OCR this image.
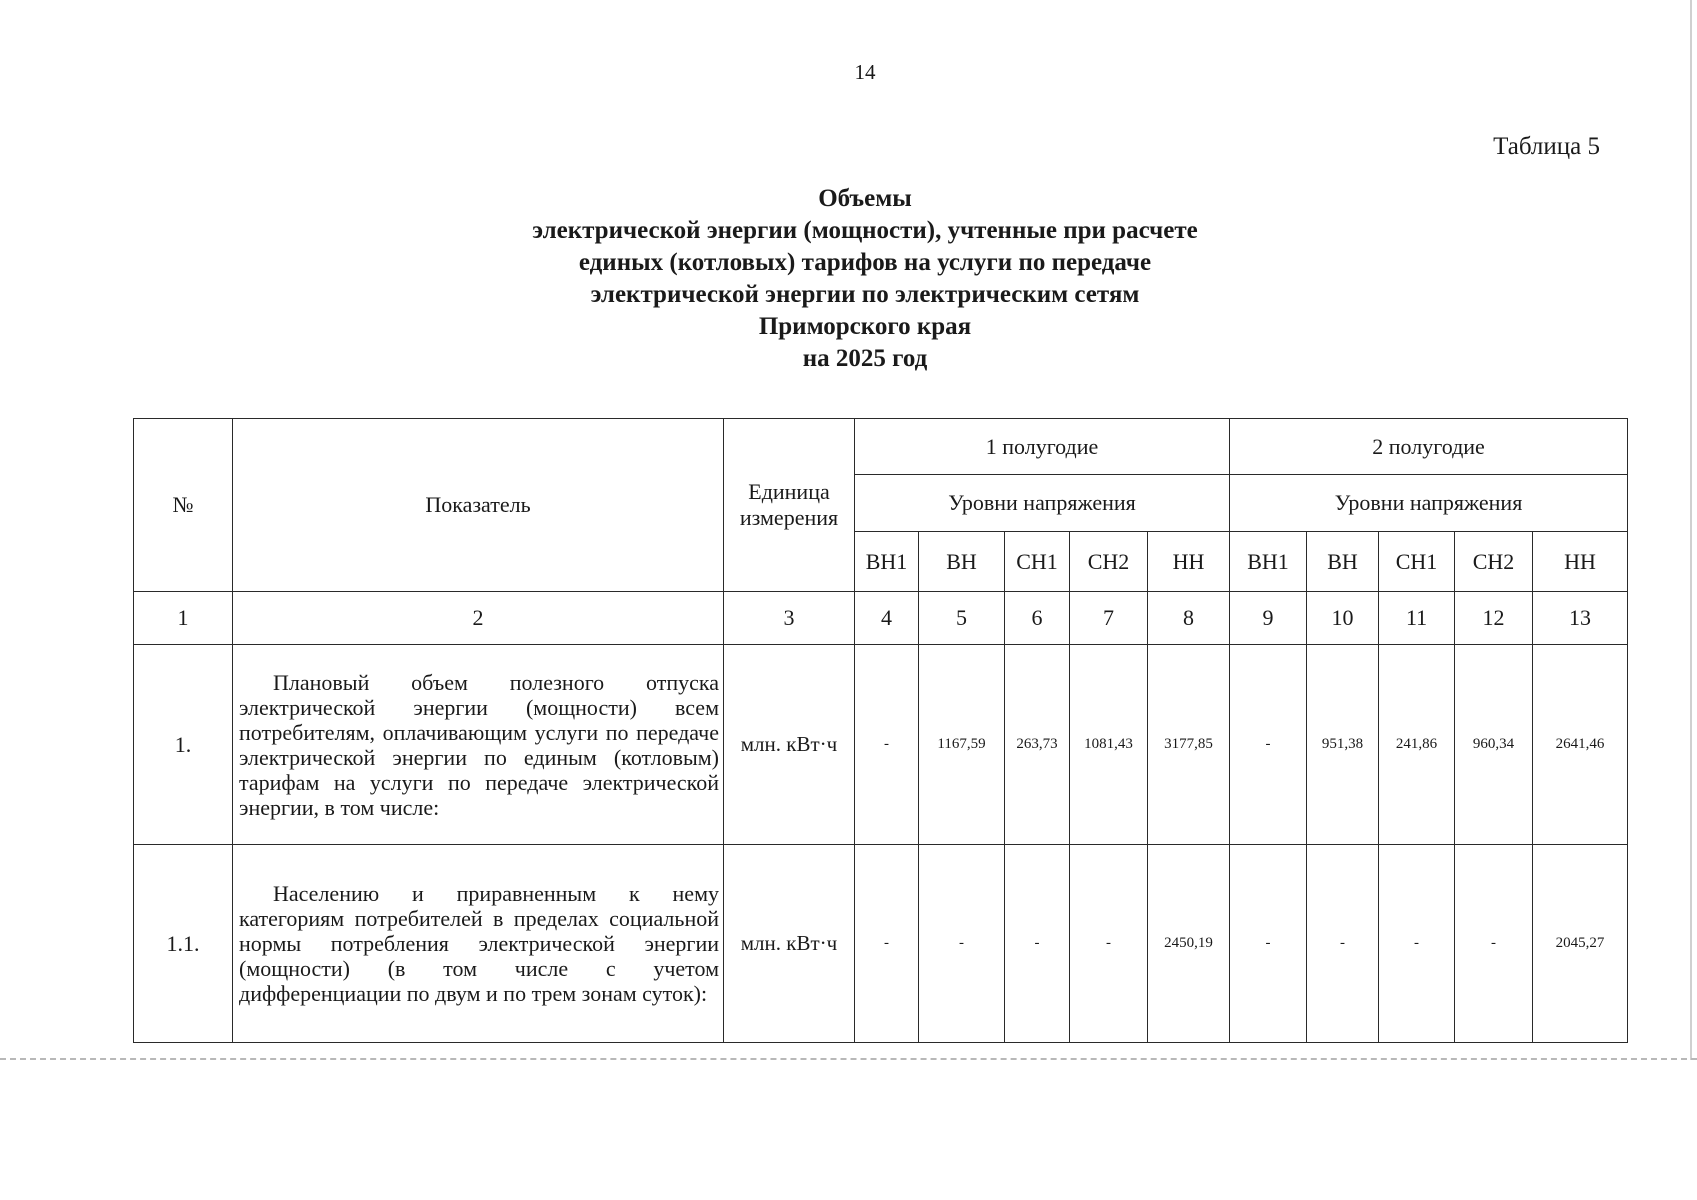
14
Таблица 5
Объемы
электрической энергии (мощности), учтенные при расчете
единых (котловых) тарифов на услуги по передаче
электрической энергии по электрическим сетям
Приморского края
на 2025 год
№	Показатель	Единица измерения	1 полугодие					2 полугодие				
			Уровни напряжения					Уровни напряжения				
			ВН1	ВН	СН1	СН2	НН	ВН1	ВН	СН1	СН2	НН
1	2	3	4	5	6	7	8	9	10	11	12	13
1.	Плановый объем полезного отпуска электрической энергии (мощности) всем потребителям, оплачивающим услуги по передаче электрической энергии по единым (котловым) тарифам на услуги по передаче электрической энергии, в том числе:	млн. кВт·ч	-	1167,59	263,73	1081,43	3177,85	-	951,38	241,86	960,34	2641,46
1.1.	Населению и приравненным к нему категориям потребителей в пределах социальной нормы потребления электрической энергии (мощности) (в том числе с учетом дифференциации по двум и по трем зонам суток):	млн. кВт·ч	-	-	-	-	2450,19	-	-	-	-	2045,27
